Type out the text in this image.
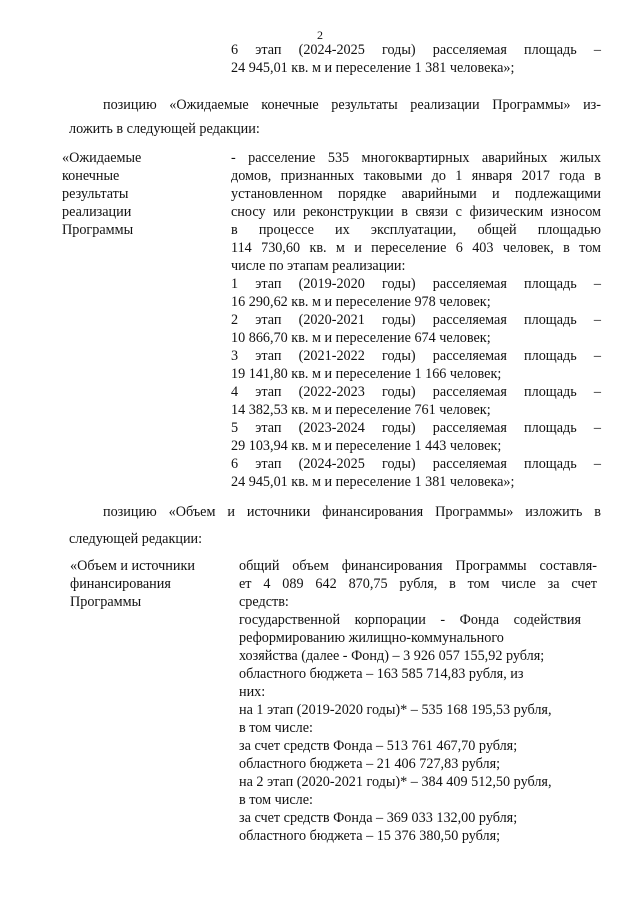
2
6 этап (2024-2025 годы) расселяемая площадь –
24 945,01 кв. м и переселение 1 381 человека»;
позицию «Ожидаемые конечные результаты реализации Программы» из-
ложить в следующей редакции:
«Ожидаемые
конечные
результаты
реализации
Программы
- расселение 535 многоквартирных аварийных жилых
домов, признанных таковыми до 1 января 2017 года в
установленном порядке аварийными и подлежащими
сносу или реконструкции в связи с физическим износом
в процессе их эксплуатации, общей площадью
114 730,60 кв. м и переселение 6 403 человек, в том
числе по этапам реализации:
1 этап (2019-2020 годы) расселяемая площадь –
16 290,62 кв. м и переселение 978 человек;
2 этап (2020-2021 годы) расселяемая площадь –
10 866,70 кв. м и переселение 674 человек;
3 этап (2021-2022 годы) расселяемая площадь –
19 141,80 кв. м и переселение 1 166 человек;
4 этап (2022-2023 годы) расселяемая площадь –
14 382,53 кв. м и переселение 761 человек;
5 этап (2023-2024 годы) расселяемая площадь –
29 103,94 кв. м и переселение 1 443 человек;
6 этап (2024-2025 годы) расселяемая площадь –
24 945,01 кв. м и переселение 1 381 человека»;
позицию «Объем и источники финансирования Программы» изложить в
следующей редакции:
«Объем и источники
финансирования
Программы
общий объем финансирования Программы составля-
ет 4 089 642 870,75 рубля, в том числе за счет
средств:
государственной корпорации - Фонда содействия
реформированию жилищно-коммунального
хозяйства (далее - Фонд) – 3 926 057 155,92 рубля;
областного бюджета – 163 585 714,83 рубля, из
них:
на 1 этап (2019-2020 годы)* – 535 168 195,53 рубля,
в том числе:
за счет средств Фонда – 513 761 467,70 рубля;
областного бюджета – 21 406 727,83 рубля;
на 2 этап (2020-2021 годы)* – 384 409 512,50 рубля,
в том числе:
за счет средств Фонда – 369 033 132,00 рубля;
областного бюджета – 15 376 380,50 рубля;
